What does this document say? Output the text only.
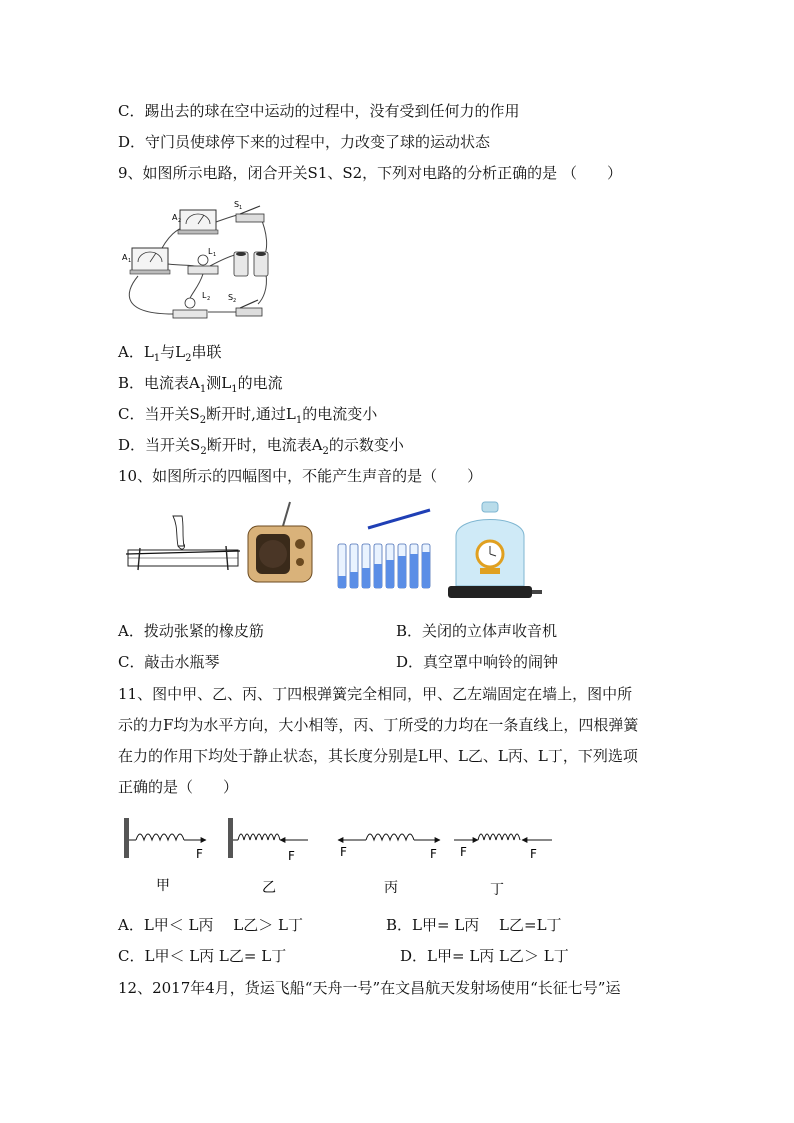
C．踢出去的球在空中运动的过程中，没有受到任何力的作用
D．守门员使球停下来的过程中，力改变了球的运动状态
9、如图所示电路，闭合开关S1、S2，下列对电路的分析正确的是 （　　）
A 2
S 1
A 1
L 1
L 2 S 2
A．$L_1$与$L_2$串联
B．电流表$A_1$测$L_1$的电流
C．当开关$S_2$断开时,通过$L_1$的电流变小
D．当开关$S_2$断开时，电流表$A_2$的示数变小
10、如图所示的四幅图中，不能产生声音的是（　　）
A．拨动张紧的橡皮筋	B．关闭的立体声收音机
C．敲击水瓶琴	D．真空罩中响铃的闹钟
11、图中甲、乙、丙、丁四根弹簧完全相同，甲、乙左端固定在墙上，图中所
示的力F均为水平方向，大小相等，丙、丁所受的力均在一条直线上，四根弹簧
在力的作用下均处于静止状态，其长度分别是L甲、L乙、L丙、L丁，下列选项
正确的是（　　）
F	F	F	F F	F
甲	乙	丙	丁
A．L甲＜ L丙　 L乙＞ L丁	B．L甲= L丙　 L乙=L丁
C．L甲＜ L丙 L乙= L丁	D．L甲= L丙 L乙＞ L丁
12、2017年4月，货运飞船“天舟一号”在文昌航天发射场使用“长征七号”运
